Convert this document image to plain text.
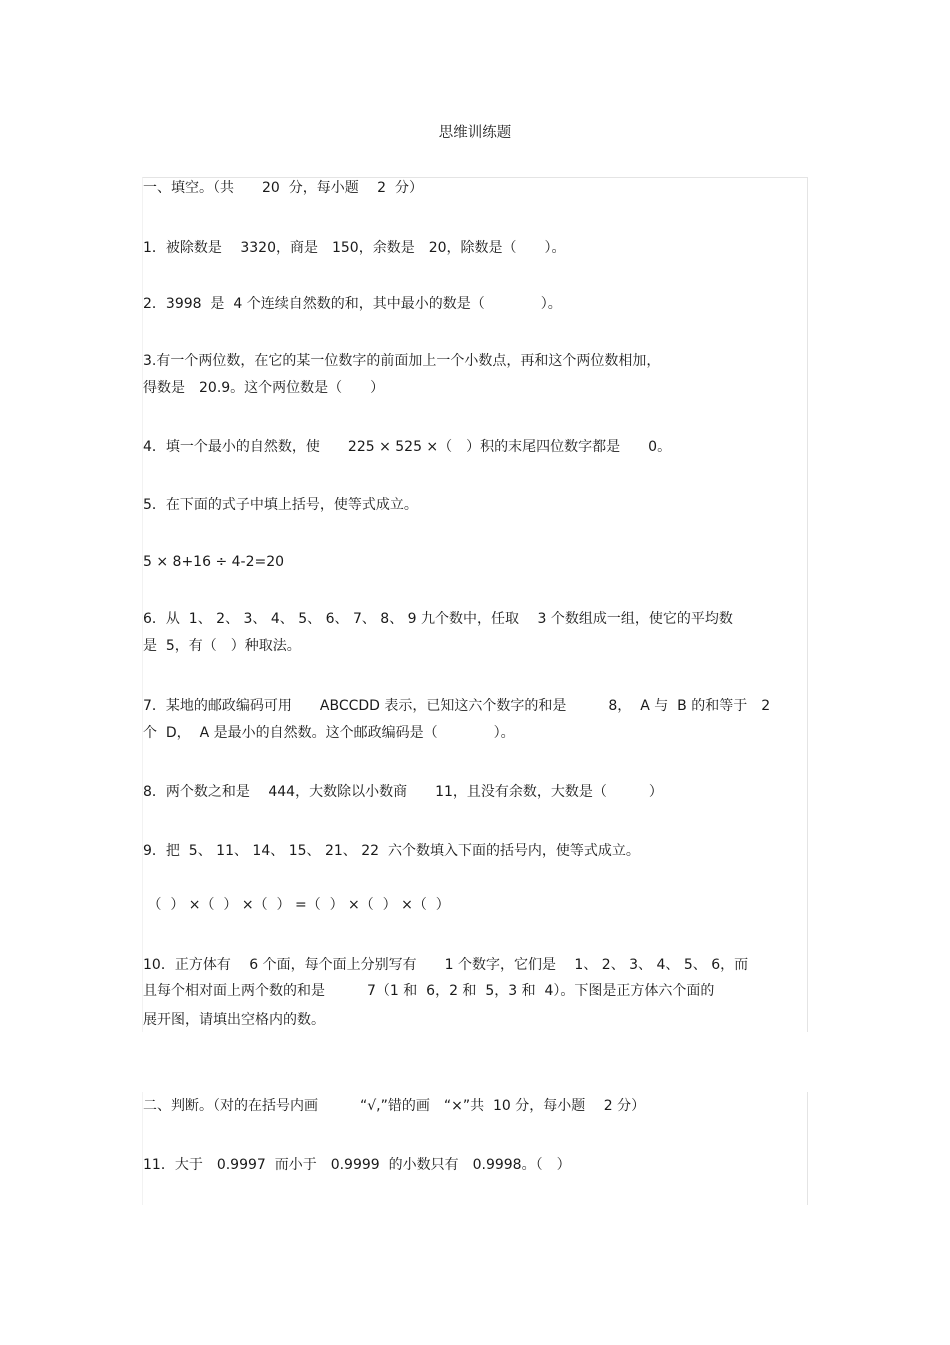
思维训练题
一、填空。（共　　20  分，每小题　 2  分）
1．被除数是　 3320，商是　150，余数是　20，除数是（　　）。
2．3998  是  4 个连续自然数的和，其中最小的数是（　　　　）。
3.有一个两位数，在它的某一位数字的前面加上一个小数点，再和这个两位数相加，
得数是　20.9。这个两位数是（　　）
4．填一个最小的自然数，使　　225 × 525 ×（　）积的末尾四位数字都是　　0。
5．在下面的式子中填上括号，使等式成立。
5 × 8+16 ÷ 4-2=20
6．从  1、 2、 3、 4、 5、 6、 7、 8、 9 九个数中，任取　 3 个数组成一组，使它的平均数
是  5，有（　）种取法。
7．某地的邮政编码可用　　ABCCDD 表示，已知这六个数字的和是　　　8，  A 与  B 的和等于　2
个  D，  A 是最小的自然数。这个邮政编码是（　　　　）。
8．两个数之和是　 444，大数除以小数商　　11，且没有余数，大数是（　　　）
9．把  5、 11、 14、 15、 21、 22  六个数填入下面的括号内，使等式成立。
（  ） ×（  ） ×（  ） =（  ） ×（  ） ×（  ）
10．正方体有　 6 个面，每个面上分别写有　　1 个数字，它们是　 1、 2、 3、 4、 5、 6，而
且每个相对面上两个数的和是　　　7（1 和  6，2 和  5，3 和  4）。下图是正方体六个面的
展开图，请填出空格内的数。
二、判断。（对的在括号内画　　　“√,”错的画　“×”共  10 分，每小题　 2 分）
11．大于　0.9997  而小于　0.9999  的小数只有　0.9998。（　）
